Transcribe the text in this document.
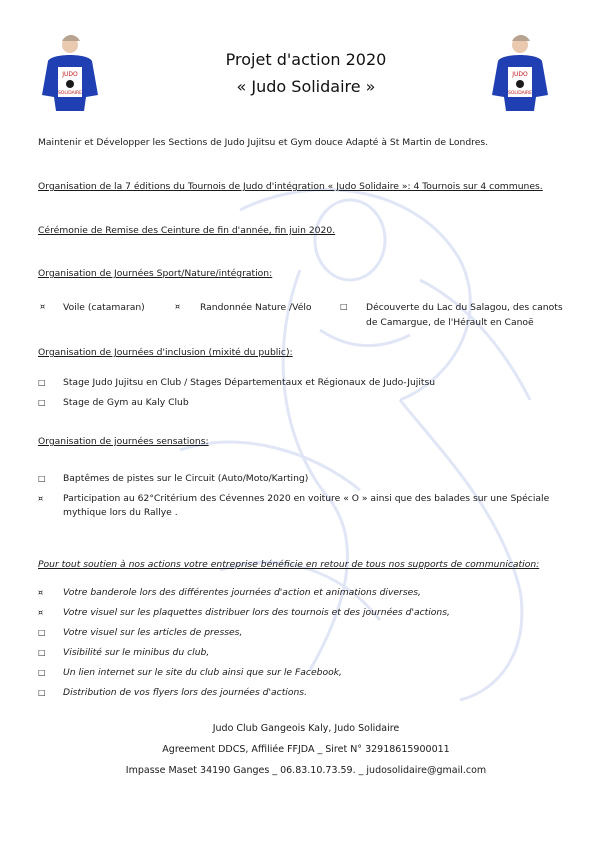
JUDO
SOLIDAIRE
JUDO
SOLIDAIRE
Projet d'action 2020
« Judo Solidaire »
Maintenir et Développer les Sections de Judo Jujitsu et Gym douce Adapté à St Martin de Londres.
Organisation de la 7 éditions du Tournois de Judo d'intégration « Judo Solidaire »: 4 Tournois sur 4 communes.
Cérémonie de Remise des Ceinture de fin d'année, fin juin 2020.
Organisation de Journées Sport/Nature/intégration:
¤ Voile (catamaran)	¤ Randonnée Nature /Vélo	□ Découverte du Lac du Salagou, des canots
de Camargue, de l'Hérault en Canoë
Organisation de Journées d'inclusion (mixité du public):
□ Stage Judo Jujitsu en Club / Stages Départementaux et Régionaux de Judo-Jujitsu
□ Stage de Gym au Kaly Club
Organisation de journées sensations:
□ Baptêmes de pistes sur le Circuit (Auto/Moto/Karting)
¤ Participation au 62°Critérium des Cévennes 2020 en voiture « O » ainsi que des balades sur une Spéciale
mythique lors du Rallye .
Pour tout soutien à nos actions votre entreprise bénéficie en retour de tous nos supports de communication:
¤ Votre banderole lors des différentes journées d'action et animations diverses,
¤ Votre visuel sur les plaquettes distribuer lors des tournois et des journées d'actions,
□ Votre visuel sur les articles de presses,
□ Visibilité sur le minibus du club,
□ Un lien internet sur le site du club ainsi que sur le Facebook,
□ Distribution de vos flyers lors des journées d'actions.
Judo Club Gangeois Kaly, Judo Solidaire
Agreement DDCS, Affiliée FFJDA _ Siret N° 32918615900011
Impasse Maset 34190 Ganges _ 06.83.10.73.59. _ judosolidaire@gmail.com
